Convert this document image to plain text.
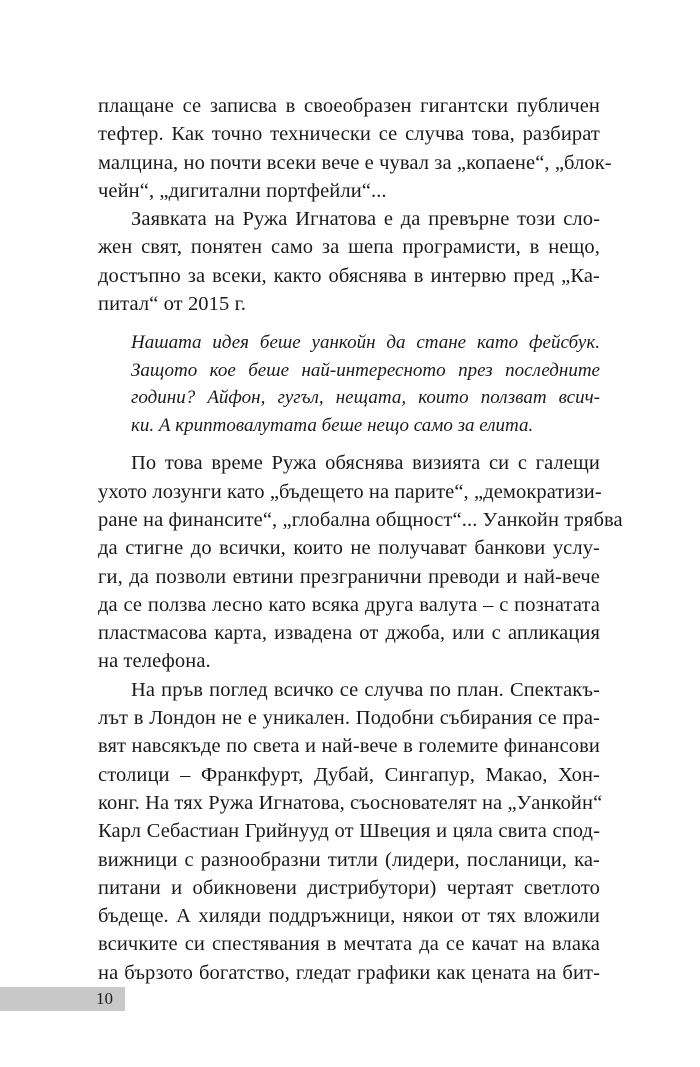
плащане се записва в своеобразен гигантски публичен
тефтер. Как точно технически се случва това, разбират
малцина, но почти всеки вече е чувал за „копаене“, „блок-
чейн“, „дигитални портфейли“...
Заявката на Ружа Игнатова е да превърне този сло-
жен свят, понятен само за шепа програмисти, в нещо,
достъпно за всеки, както обяснява в интервю пред „Ка-
питал“ от 2015 г.
Нашата идея беше уанкойн да стане като фейсбук.
Защото кое беше най-интересното през последните
години? Айфон, гугъл, нещата, които ползват всич-
ки. А криптовалутата беше нещо само за елита.
По това време Ружа обяснява визията си с галещи
ухото лозунги като „бъдещето на парите“, „демократизи-
ране на финансите“, „глобална общност“... Уанкойн трябва
да стигне до всички, които не получават банкови услу-
ги, да позволи евтини презгранични преводи и най-вече
да се ползва лесно като всяка друга валута – с познатата
пластмасова карта, извадена от джоба, или с апликация
на телефона.
На пръв поглед всичко се случва по план. Спектакъ-
лът в Лондон не е уникален. Подобни събирания се пра-
вят навсякъде по света и най-вече в големите финансови
столици – Франкфурт, Дубай, Сингапур, Макао, Хон-
конг. На тях Ружа Игнатова, съоснователят на „Уанкойн“
Карл Себастиан Грийнууд от Швеция и цяла свита спод-
вижници с разнообразни титли (лидери, посланици, ка-
питани и обикновени дистрибутори) чертаят светлото
бъдеще. А хиляди поддръжници, някои от тях вложили
всичките си спестявания в мечтата да се качат на влака
на бързото богатство, гледат графики как цената на бит-
10
